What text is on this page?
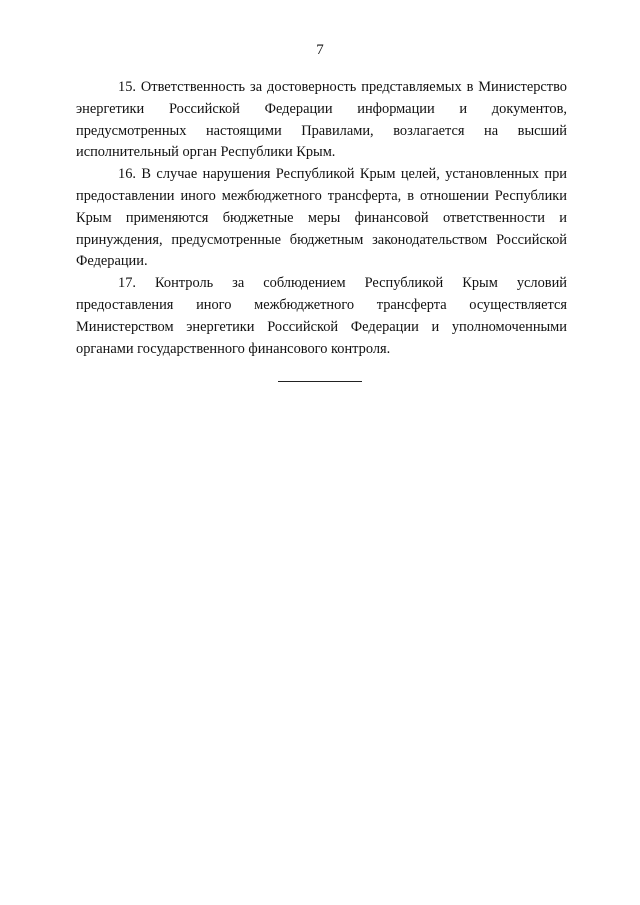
7

15. Ответственность за достоверность представляемых в Министерство энергетики Российской Федерации информации и документов, предусмотренных настоящими Правилами, возлагается на высший исполнительный орган Республики Крым.

16. В случае нарушения Республикой Крым целей, установленных при предоставлении иного межбюджетного трансферта, в отношении Республики Крым применяются бюджетные меры финансовой ответственности и принуждения, предусмотренные бюджетным законодательством Российской Федерации.

17. Контроль за соблюдением Республикой Крым условий предоставления иного межбюджетного трансферта осуществляется Министерством энергетики Российской Федерации и уполномоченными органами государственного финансового контроля.
